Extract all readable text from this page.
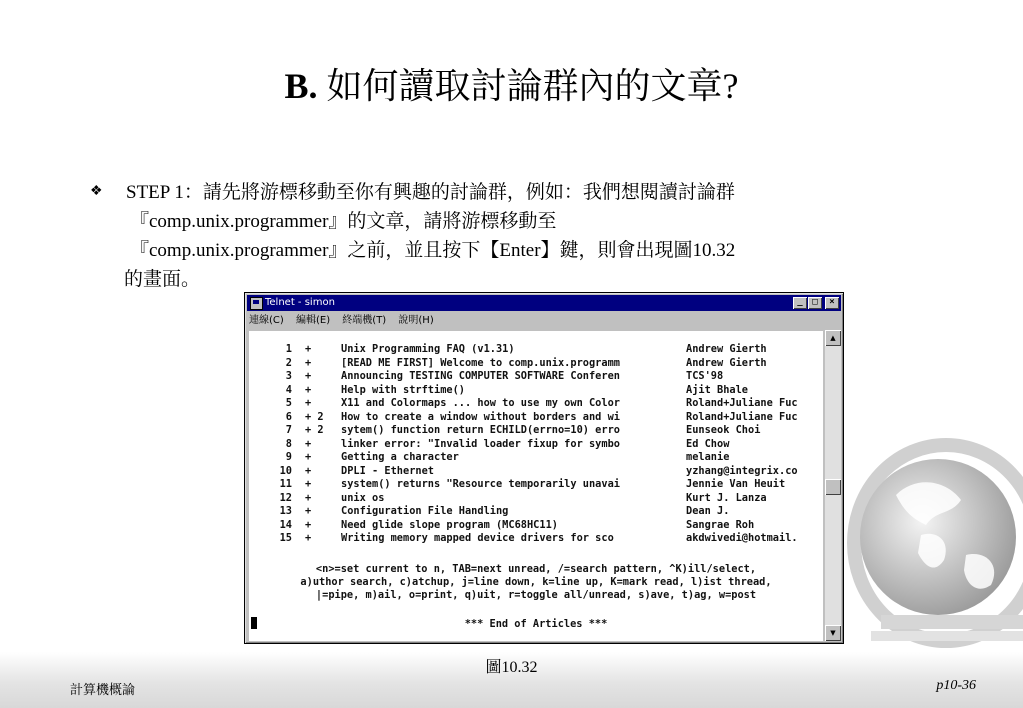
B. 如何讀取討論群內的文章?
❖ STEP 1：請先將游標移動至你有興趣的討論群，例如：我們想閱讀討論群
『comp.unix.programmer』的文章，請將游標移動至
『comp.unix.programmer』之前，並且按下【Enter】鍵，則會出現圖10.32
的畫面。
Telnet - simon	_	□	×
連線(C) 編輯(E) 終端機(T) 說明(H)
1 +	Unix Programming FAQ (v1.31)	Andrew Gierth
2 +	[READ ME FIRST] Welcome to comp.unix.programm	Andrew Gierth
3 +	Announcing TESTING COMPUTER SOFTWARE Conferen	TCS'98
4 +	Help with strftime()	Ajit Bhale
5 +	X11 and Colormaps ... how to use my own Color	Roland+Juliane Fuc
6 + 2 How to create a window without borders and wi	Roland+Juliane Fuc
7 + 2 sytem() function return ECHILD(errno=10) erro	Eunseok Choi
8 +	linker error: "Invalid loader fixup for symbo	Ed Chow
9 +	Getting a character	melanie
10 +	DPLI - Ethernet	yzhang@integrix.co
11 +	system() returns "Resource temporarily unavai	Jennie Van Heuit
12 +	unix os	Kurt J. Lanza
13 +	Configuration File Handling	Dean J.
14 +	Need glide slope program (MC68HC11)	Sangrae Roh
15 +	Writing memory mapped device drivers for sco	akdwivedi@hotmail.
<n>=set current to n, TAB=next unread, /=search pattern, ^K)ill/select,
a)uthor search, c)atchup, j=line down, k=line up, K=mark read, l)ist thread,
|=pipe, m)ail, o=print, q)uit, r=toggle all/unread, s)ave, t)ag, w=post
*** End of Articles ***
▲
▼
圖10.32
計算機概論	p10-36
